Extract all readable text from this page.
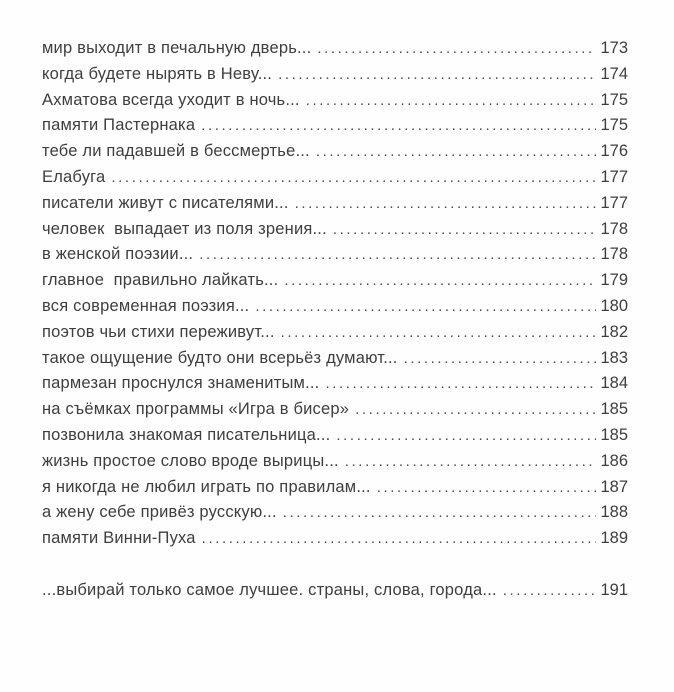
мир выходит в печальную дверь... .....	173
когда будете нырять в Неву... .....	174
Ахматова всегда уходит в ночь... .....	175
памяти Пастернака .....	175
тебе ли падавшей в бессмертье... .....	176
Елабуга .....	177
писатели живут с писателями... .....	177
человек  выпадает из поля зрения... .....	178
в женской поэзии... .....	178
главное  правильно лайкать... .....	179
вся современная поэзия... .....	180
поэтов чьи стихи переживут... .....	182
такое ощущение будто они всерьёз думают... .....	183
пармезан проснулся знаменитым... .....	184
на съёмках программы «Игра в бисер» .....	185
позвонила знакомая писательница... .....	185
жизнь простое слово вроде вырицы... .....	186
я никогда не любил играть по правилам... .....	187
а жену себе привёз русскую... .....	188
памяти Винни-Пуха .....	189
...выбирай только самое лучшее. страны, слова, города... .....	191
